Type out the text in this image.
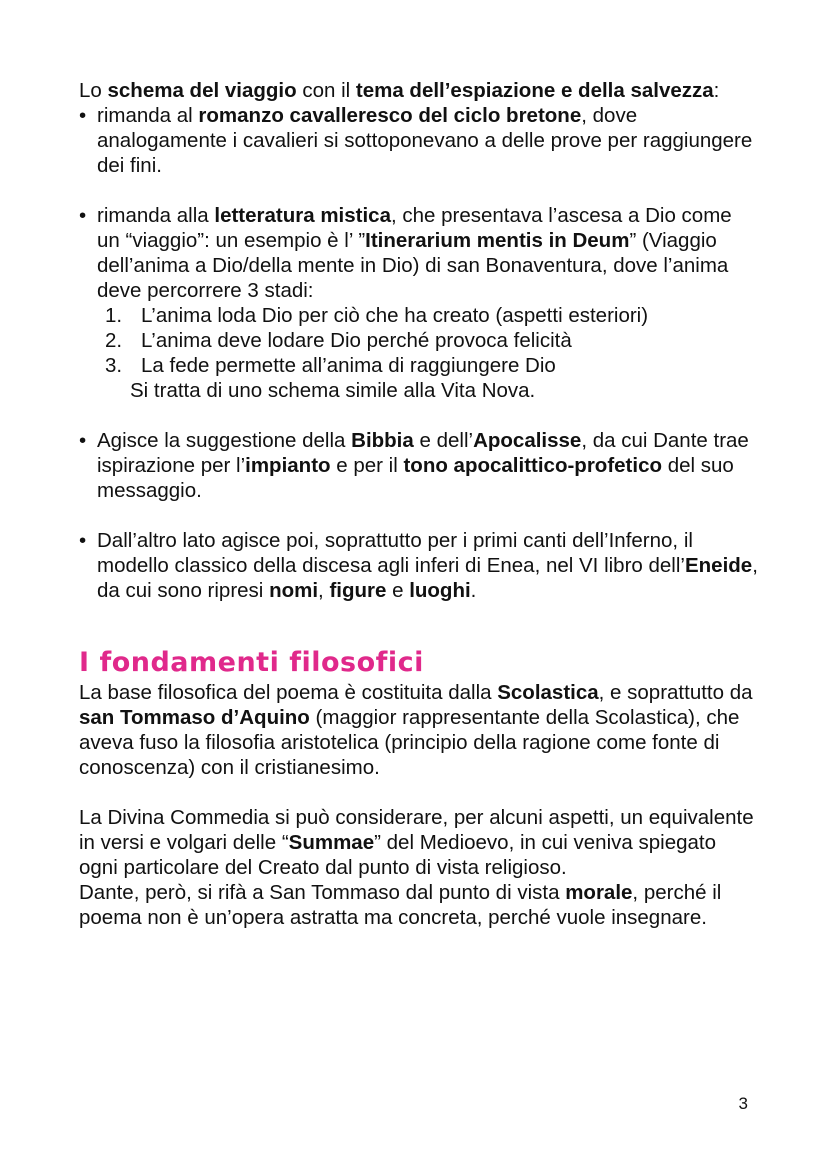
Lo schema del viaggio con il tema dell’espiazione e della salvezza:

• rimanda al romanzo cavalleresco del ciclo bretone, dove analogamente i cavalieri si sottoponevano a delle prove per raggiungere dei fini.
• rimanda alla letteratura mistica, che presentava l’ascesa a Dio come un “viaggio”: un esempio è l’ ”Itinerarium mentis in Deum” (Viaggio dell’anima a Dio/della mente in Dio) di san Bonaventura, dove l’anima deve percorrere 3 stadi:
1. L’anima loda Dio per ciò che ha creato (aspetti esteriori)
2. L’anima deve lodare Dio perché provoca felicità
3. La fede permette all’anima di raggiungere Dio
Si tratta di uno schema simile alla Vita Nova.
• Agisce la suggestione della Bibbia e dell’Apocalisse, da cui Dante trae ispirazione per l’impianto e per il tono apocalittico-profetico del suo messaggio.
• Dall’altro lato agisce poi, soprattutto per i primi canti dell’Inferno, il modello classico della discesa agli inferi di Enea, nel VI libro dell’Eneide, da cui sono ripresi nomi, figure e luoghi.
I fondamenti filosofici

La base filosofica del poema è costituita dalla Scolastica, e soprattutto da san Tommaso d’Aquino (maggior rappresentante della Scolastica), che aveva fuso la filosofia aristotelica (principio della ragione come fonte di conoscenza) con il cristianesimo.

La Divina Commedia si può considerare, per alcuni aspetti, un equivalente in versi e volgari delle “Summae” del Medioevo, in cui veniva spiegato ogni particolare del Creato dal punto di vista religioso.
Dante, però, si rifà a San Tommaso dal punto di vista morale, perché il poema non è un’opera astratta ma concreta, perché vuole insegnare.

3
